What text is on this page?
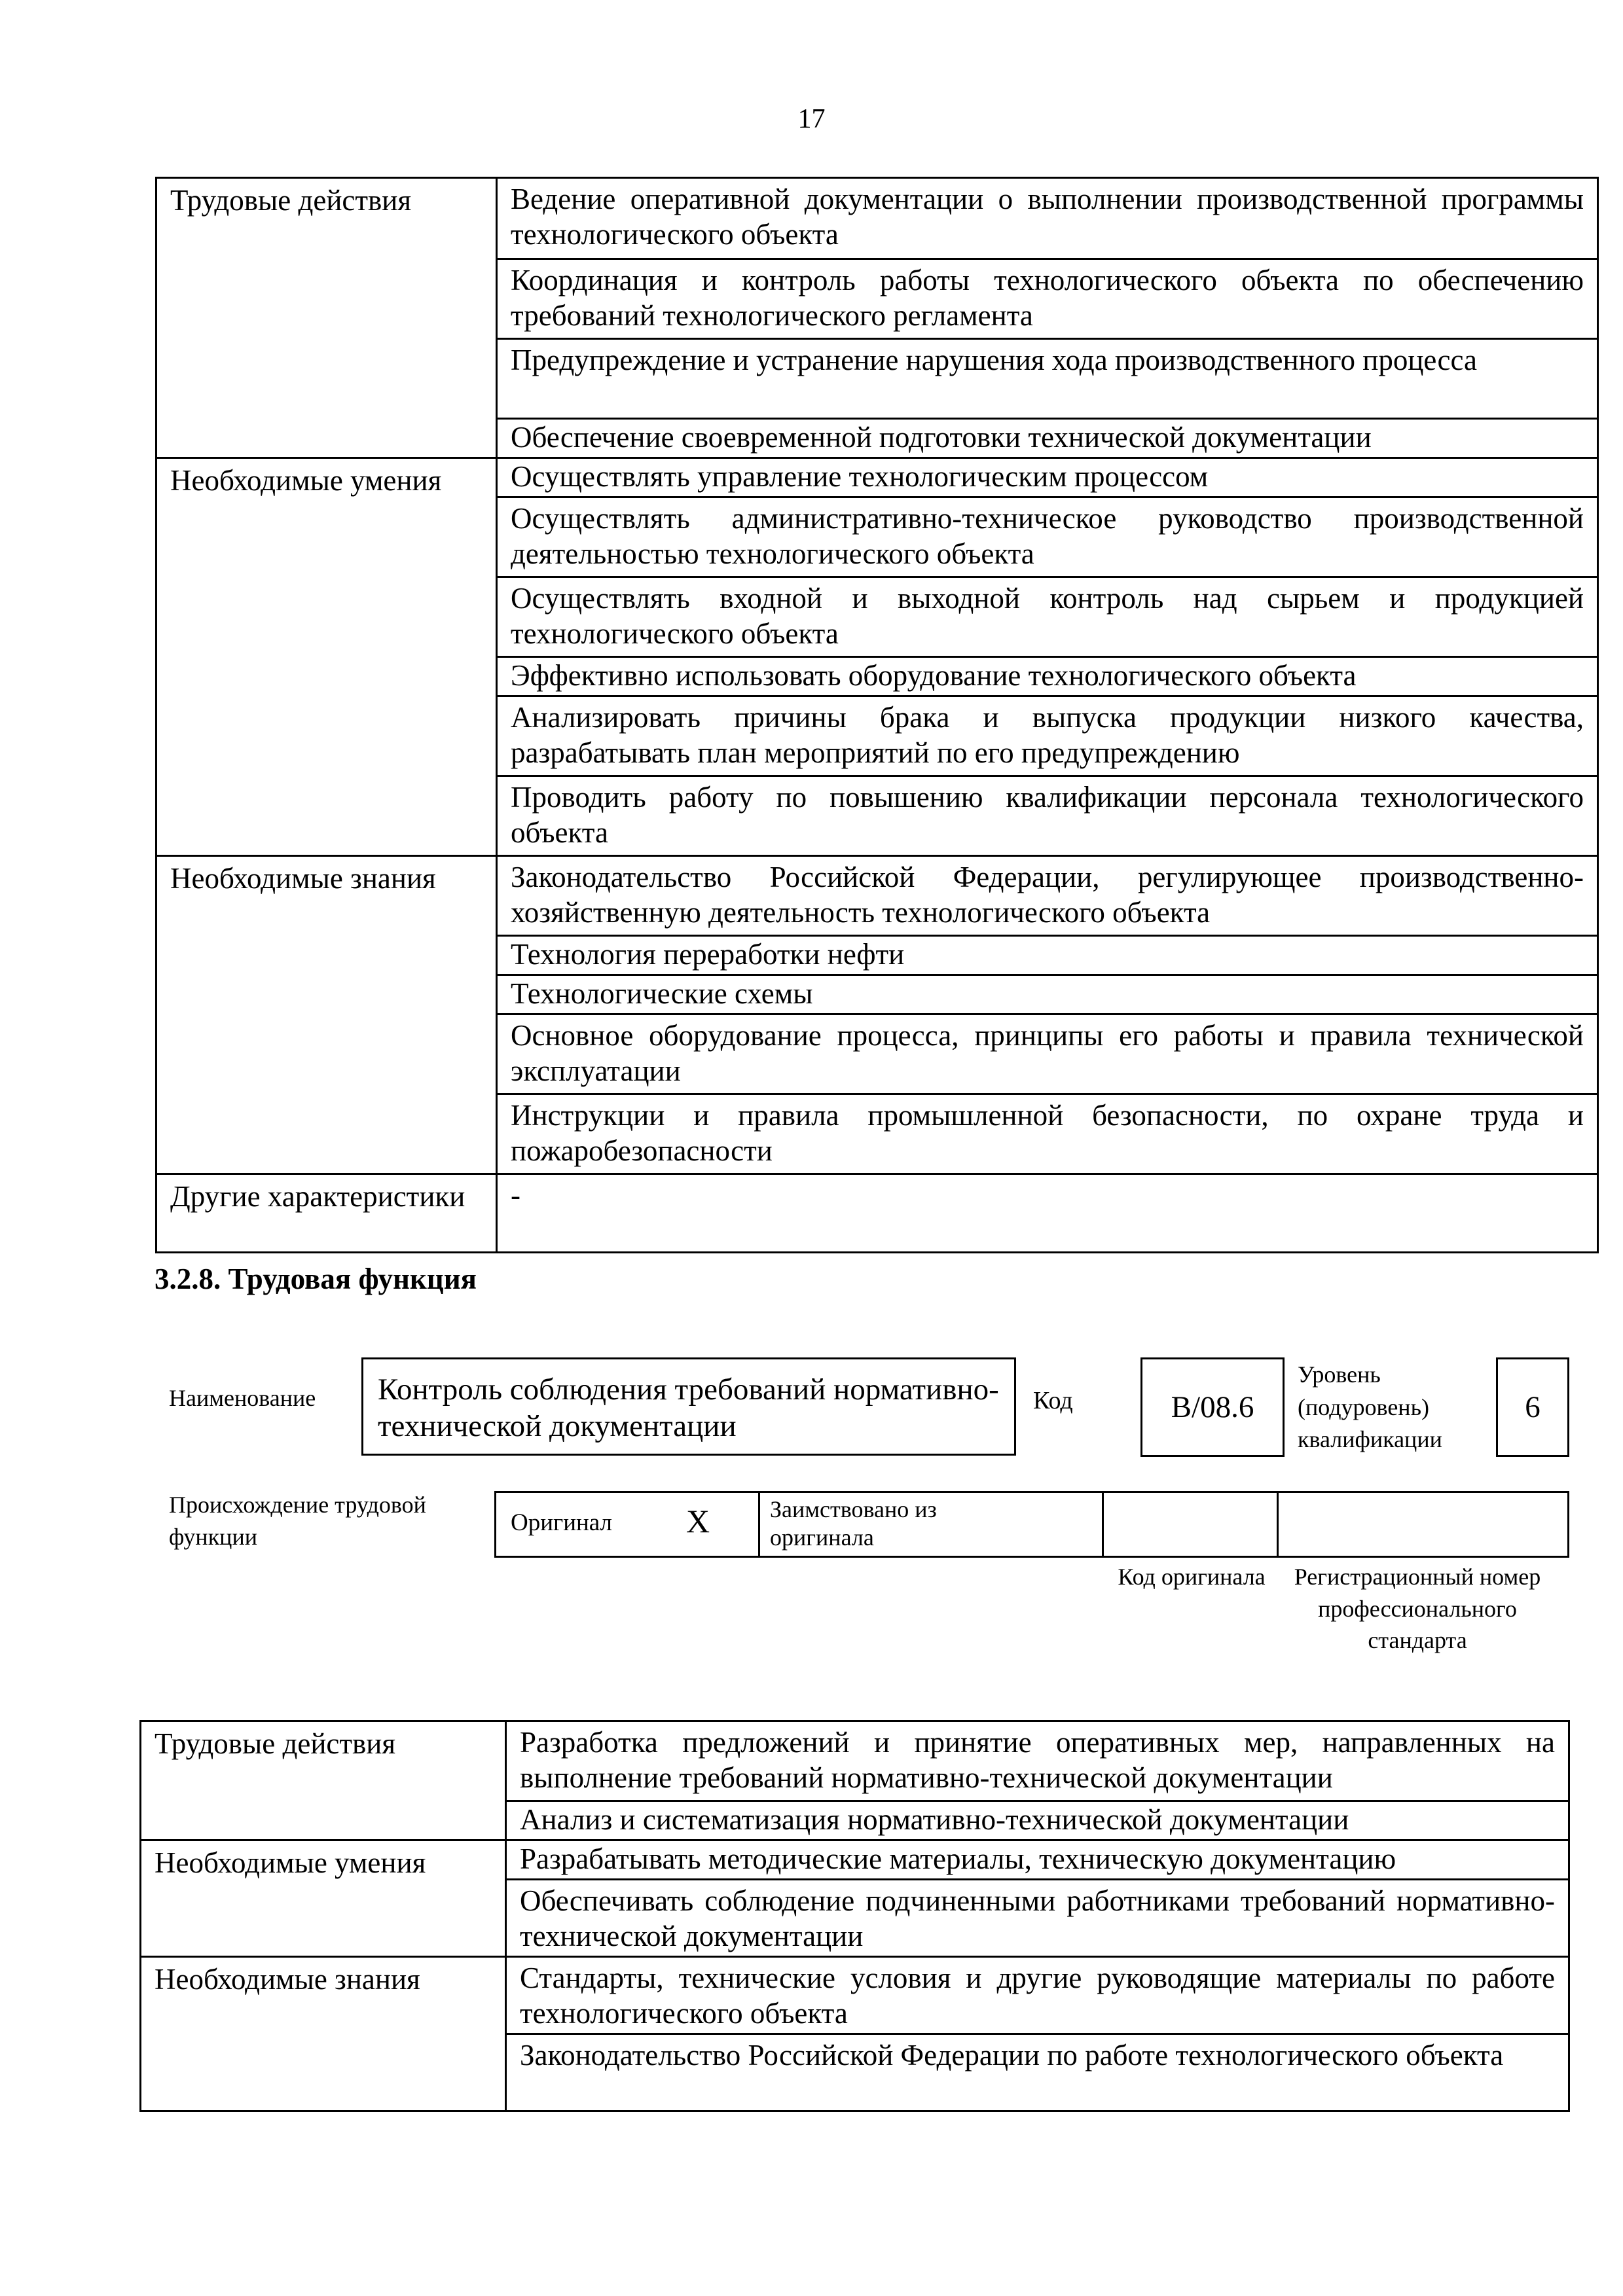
17
Трудовые действия	Ведение оперативной документации о выполнении производственной программы технологического объекта
	Координация и контроль работы технологического объекта по обеспечению требований технологического регламента
	Предупреждение и устранение нарушения хода производственного процесса
	Обеспечение своевременной подготовки технической документации

Необходимые умения	Осуществлять управление технологическим процессом
	Осуществлять административно-техническое руководство производственной деятельностью технологического объекта
	Осуществлять входной и выходной контроль над сырьем и продукцией технологического объекта
	Эффективно использовать оборудование технологического объекта
	Анализировать причины брака и выпуска продукции низкого качества, разрабатывать план мероприятий по его предупреждению
	Проводить работу по повышению квалификации персонала технологического объекта

Необходимые знания	Законодательство Российской Федерации, регулирующее производственно-хозяйственную деятельность технологического объекта
	Технология переработки нефти
	Технологические схемы
	Основное оборудование процесса, принципы его работы и правила технической эксплуатации
	Инструкции и правила промышленной безопасности, по охране труда и пожаробезопасности

Другие характеристики	-
3.2.8. Трудовая функция
Наименование	Контроль соблюдения требований нормативно-технической документации
Код	B/08.6
Уровень (подуровень) квалификации
6
Происхождение трудовой функции
Оригинал X	Заимствовано из оригинала
Код оригинала Регистрационный номер профессионального стандарта
Трудовые действия	Разработка предложений и принятие оперативных мер, направленных на выполнение требований нормативно-технической документации
	Анализ и систематизация нормативно-технической документации

Необходимые умения	Разрабатывать методические материалы, техническую документацию
	Обеспечивать соблюдение подчиненными работниками требований нормативно-технической документации

Необходимые знания	Стандарты, технические условия и другие руководящие материалы по работе технологического объекта
	Законодательство Российской Федерации по работе технологического объекта
